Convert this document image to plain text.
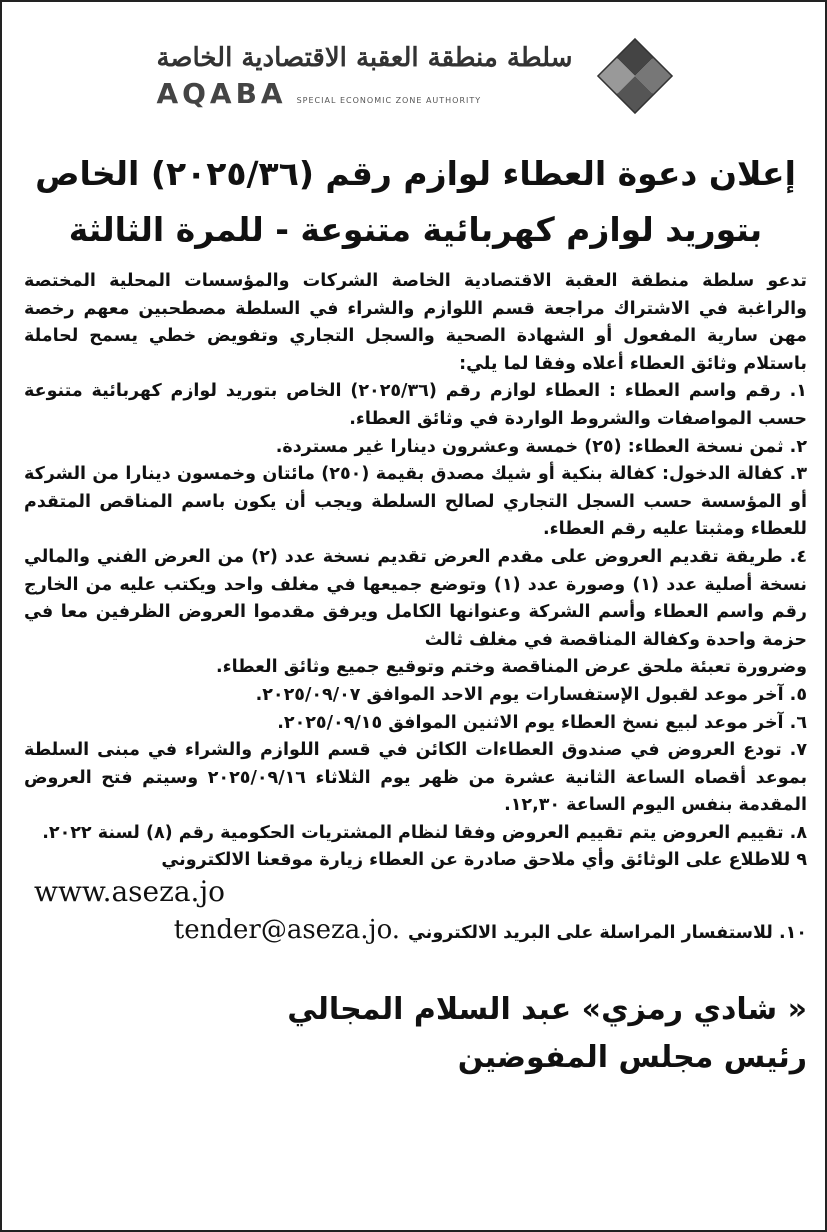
سلطة منطقة العقبة الاقتصادية الخاصة
AQABA SPECIAL ECONOMIC ZONE AUTHORITY
إعلان دعوة العطاء لوازم رقم (٢٠٢٥/٣٦) الخاص
بتوريد لوازم كهربائية متنوعة - للمرة الثالثة

تدعو سلطة منطقة العقبة الاقتصادية الخاصة الشركات والمؤسسات المحلية المختصة والراغبة في الاشتراك مراجعة قسم اللوازم والشراء في السلطة مصطحبين معهم رخصة مهن سارية المفعول أو الشهادة الصحية والسجل التجاري وتفويض خطي يسمح لحاملة باستلام وثائق العطاء أعلاه وفقا لما يلي:

١. رقم واسم العطاء : العطاء لوازم رقم (٢٠٢٥/٣٦) الخاص بتوريد لوازم كهربائية متنوعة حسب المواصفات والشروط الواردة في وثائق العطاء.

٢. ثمن نسخة العطاء: (٢٥) خمسة وعشرون دينارا غير مستردة.

٣. كفالة الدخول: كفالة بنكية أو شيك مصدق بقيمة (٢٥٠) مائتان وخمسون دينارا من الشركة أو المؤسسة حسب السجل التجاري لصالح السلطة ويجب أن يكون باسم المناقص المتقدم للعطاء ومثبتا عليه رقم العطاء.

٤. طريقة تقديم العروض على مقدم العرض تقديم نسخة عدد (٢) من العرض الفني والمالي نسخة أصلية عدد (١) وصورة عدد (١) وتوضع جميعها في مغلف واحد ويكتب عليه من الخارج رقم واسم العطاء وأسم الشركة وعنوانها الكامل ويرفق مقدموا العروض الظرفين معا في حزمة واحدة وكفالة المناقصة في مغلف ثالث

وضرورة تعبئة ملحق عرض المناقصة وختم وتوقيع جميع وثائق العطاء.

٥. آخر موعد لقبول الإستفسارات يوم الاحد الموافق ٢٠٢٥/٠٩/٠٧.

٦. آخر موعد لبيع نسخ العطاء يوم الاثنين الموافق ٢٠٢٥/٠٩/١٥.

٧. تودع العروض في صندوق العطاءات الكائن في قسم اللوازم والشراء في مبنى السلطة بموعد أقصاه الساعة الثانية عشرة من ظهر يوم الثلاثاء ٢٠٢٥/٠٩/١٦ وسيتم فتح العروض المقدمة بنفس اليوم الساعة ١٢,٣٠.

٨. تقييم العروض يتم تقييم العروض وفقا لنظام المشتريات الحكومية رقم (٨) لسنة ٢٠٢٢.

٩ للاطلاع على الوثائق وأي ملاحق صادرة عن العطاء زيارة موقعنا الالكتروني

www.aseza.jo

١٠. للاستفسار المراسلة على البريد الالكتروني
tender@aseza.jo.

« شادي رمزي» عبد السلام المجالي

رئيس مجلس المفوضين
